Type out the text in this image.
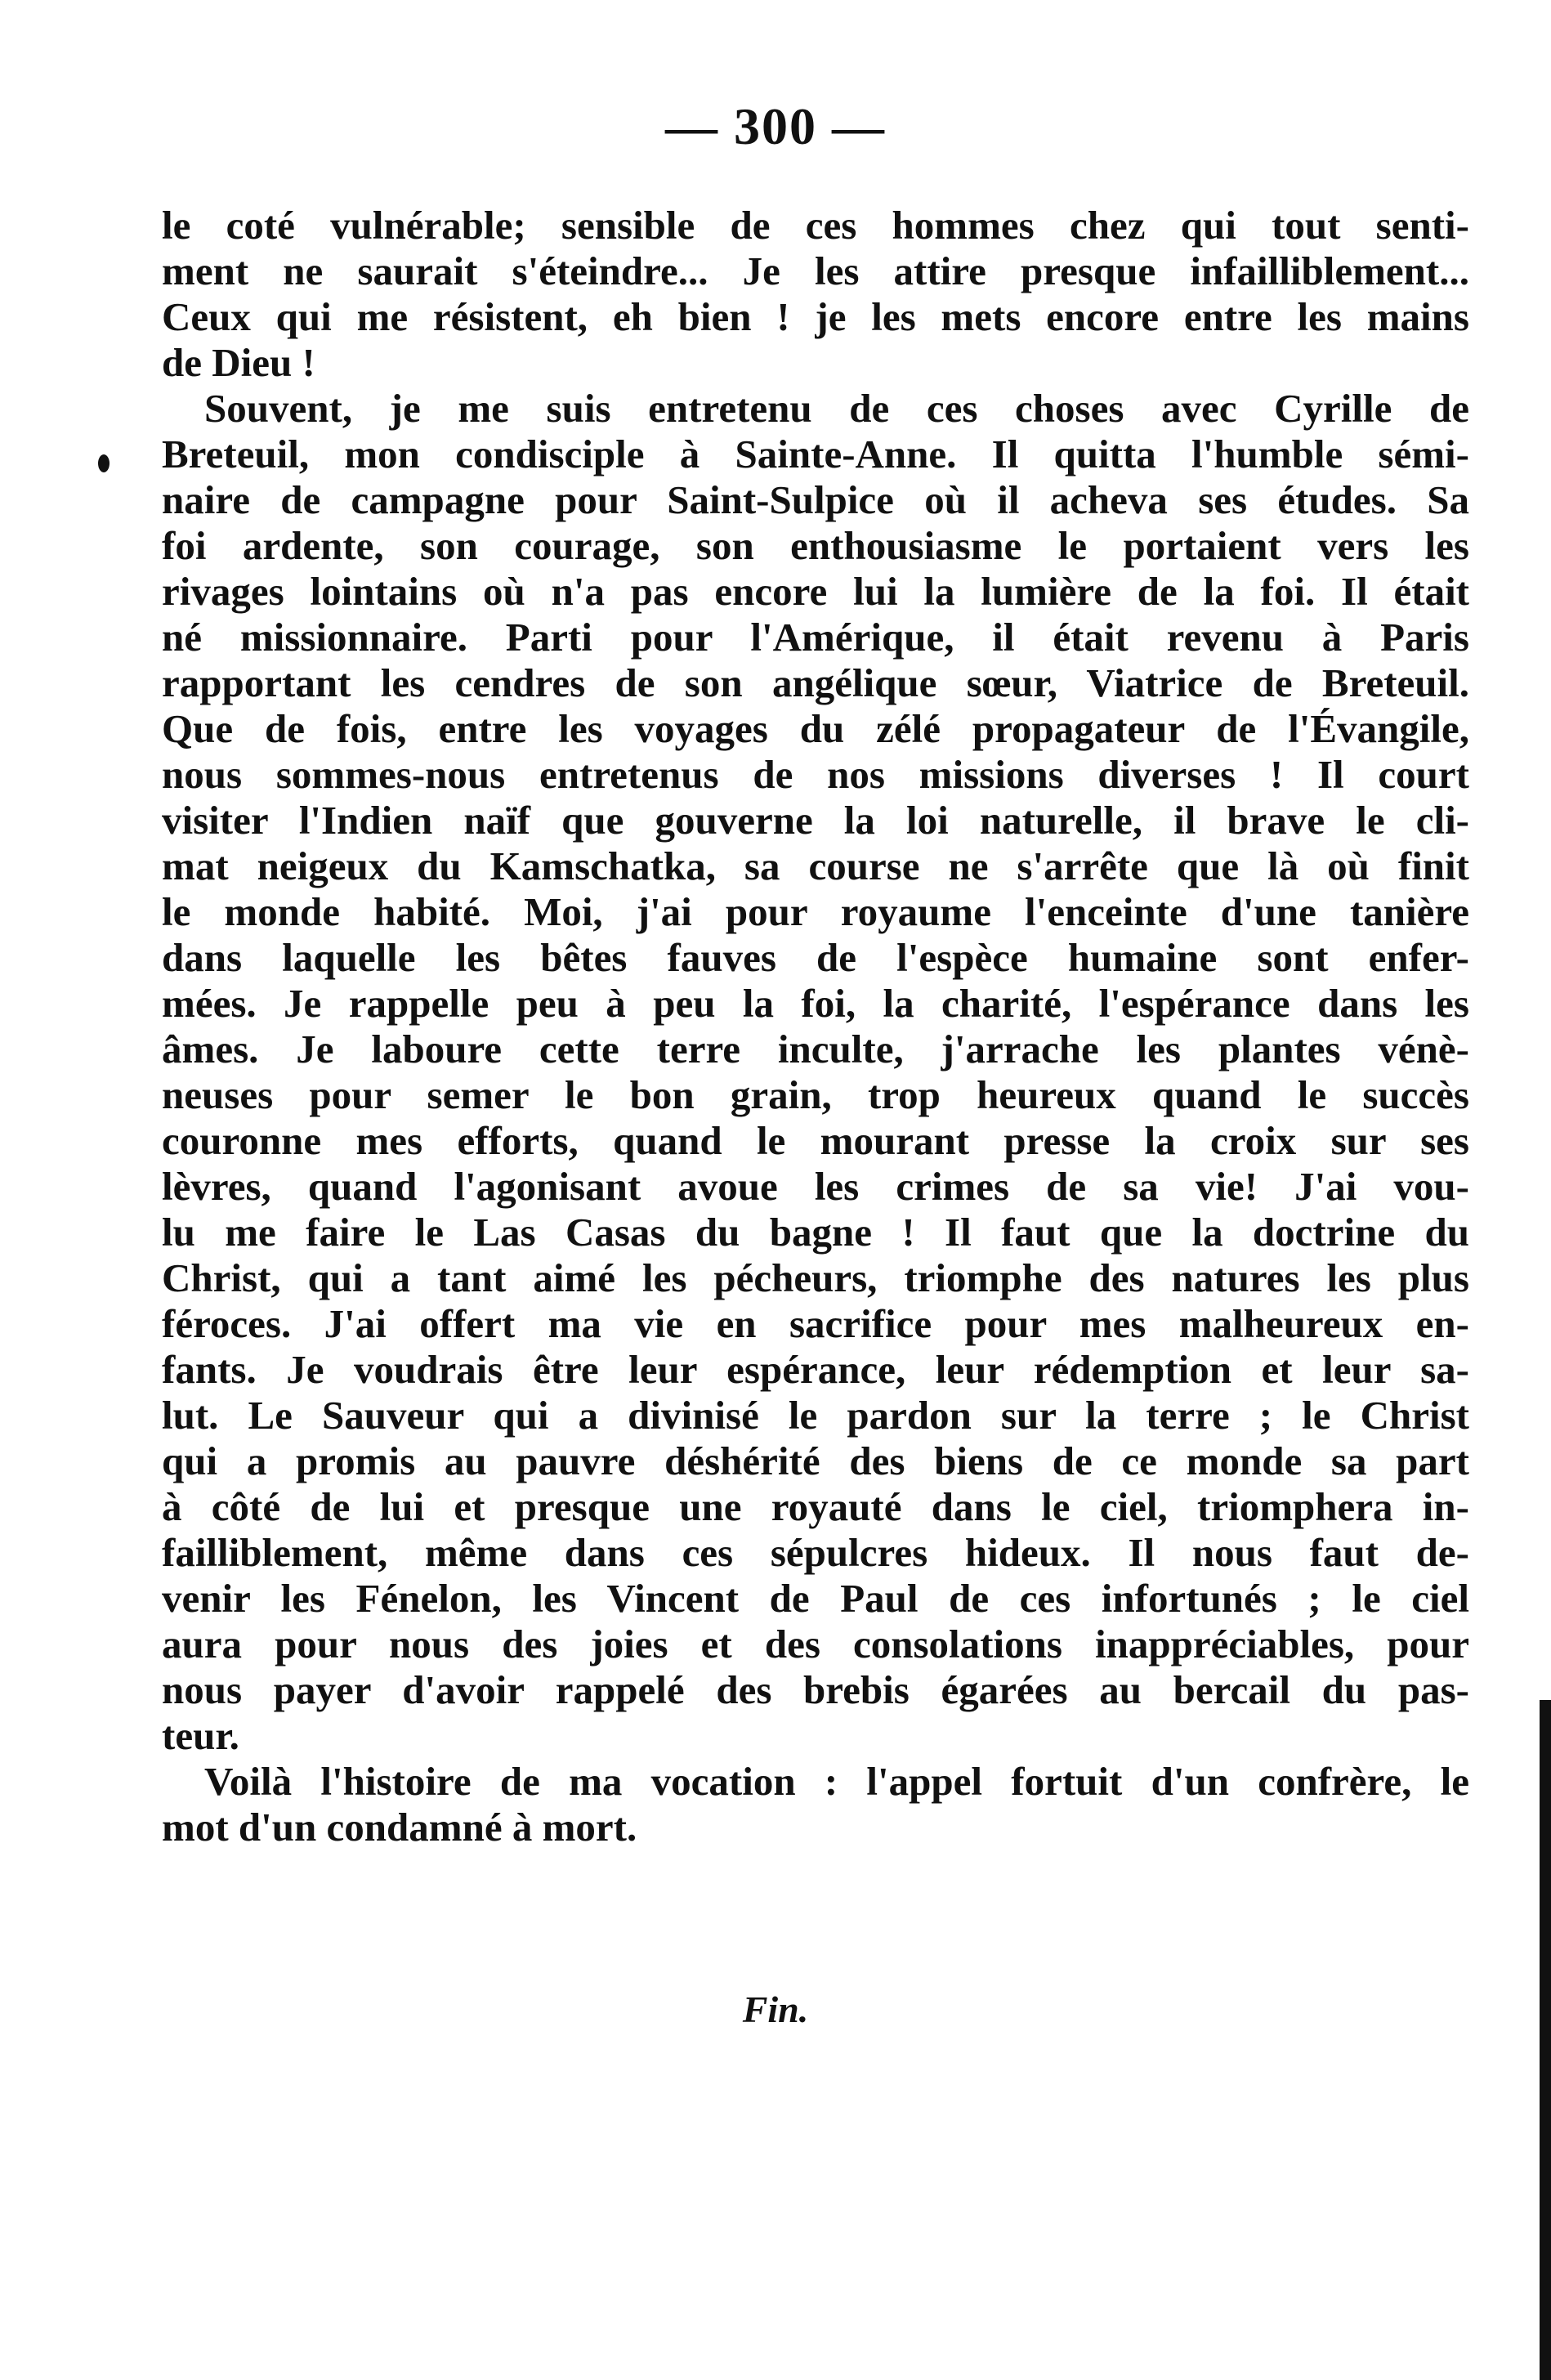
— 300 —
le coté vulnérable; sensible de ces hommes chez qui tout senti-
ment ne saurait s'éteindre... Je les attire presque infailliblement...
Ceux qui me résistent, eh bien ! je les mets encore entre les mains
de Dieu !
Souvent, je me suis entretenu de ces choses avec Cyrille de
Breteuil, mon condisciple à Sainte-Anne. Il quitta l'humble sémi-
naire de campagne pour Saint-Sulpice où il acheva ses études. Sa
foi ardente, son courage, son enthousiasme le portaient vers les
rivages lointains où n'a pas encore lui la lumière de la foi. Il était
né missionnaire. Parti pour l'Amérique, il était revenu à Paris
rapportant les cendres de son angélique sœur, Viatrice de Breteuil.
Que de fois, entre les voyages du zélé propagateur de l'Évangile,
nous sommes-nous entretenus de nos missions diverses ! Il court
visiter l'Indien naïf que gouverne la loi naturelle, il brave le cli-
mat neigeux du Kamschatka, sa course ne s'arrête que là où finit
le monde habité. Moi, j'ai pour royaume l'enceinte d'une tanière
dans laquelle les bêtes fauves de l'espèce humaine sont enfer-
mées. Je rappelle peu à peu la foi, la charité, l'espérance dans les
âmes. Je laboure cette terre inculte, j'arrache les plantes vénè-
neuses pour semer le bon grain, trop heureux quand le succès
couronne mes efforts, quand le mourant presse la croix sur ses
lèvres, quand l'agonisant avoue les crimes de sa vie! J'ai vou-
lu me faire le Las Casas du bagne ! Il faut que la doctrine du
Christ, qui a tant aimé les pécheurs, triomphe des natures les plus
féroces. J'ai offert ma vie en sacrifice pour mes malheureux en-
fants. Je voudrais être leur espérance, leur rédemption et leur sa-
lut. Le Sauveur qui a divinisé le pardon sur la terre ; le Christ
qui a promis au pauvre déshérité des biens de ce monde sa part
à côté de lui et presque une royauté dans le ciel, triomphera in-
failliblement, même dans ces sépulcres hideux. Il nous faut de-
venir les Fénelon, les Vincent de Paul de ces infortunés ; le ciel
aura pour nous des joies et des consolations inappréciables, pour
nous payer d'avoir rappelé des brebis égarées au bercail du pas-
teur.
Voilà l'histoire de ma vocation : l'appel fortuit d'un confrère, le
mot d'un condamné à mort.
Fin.
